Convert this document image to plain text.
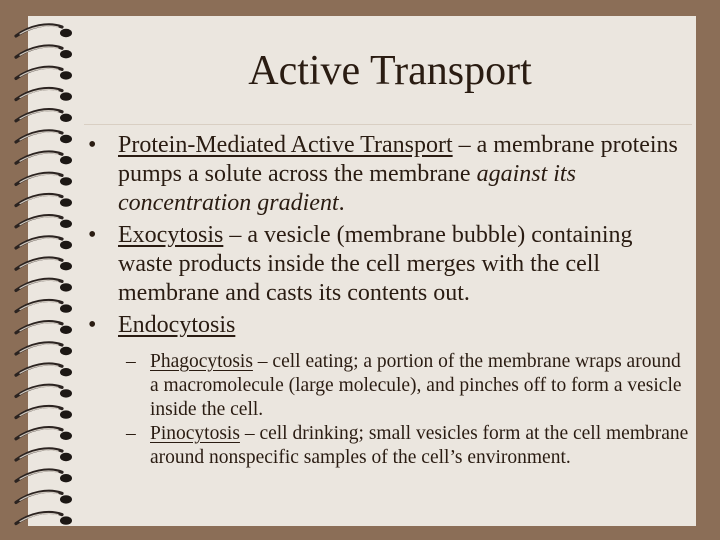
Active Transport

• Protein-Mediated Active Transport – a membrane proteins pumps a solute across the membrane against its concentration gradient.

• Exocytosis – a vesicle (membrane bubble) containing waste products inside the cell merges with the cell membrane and casts its contents out.

• Endocytosis

– Phagocytosis – cell eating; a portion of the membrane wraps around a macromolecule (large molecule), and pinches off to form a vesicle inside the cell.

– Pinocytosis – cell drinking; small vesicles form at the cell membrane around nonspecific samples of the cell’s environment.
